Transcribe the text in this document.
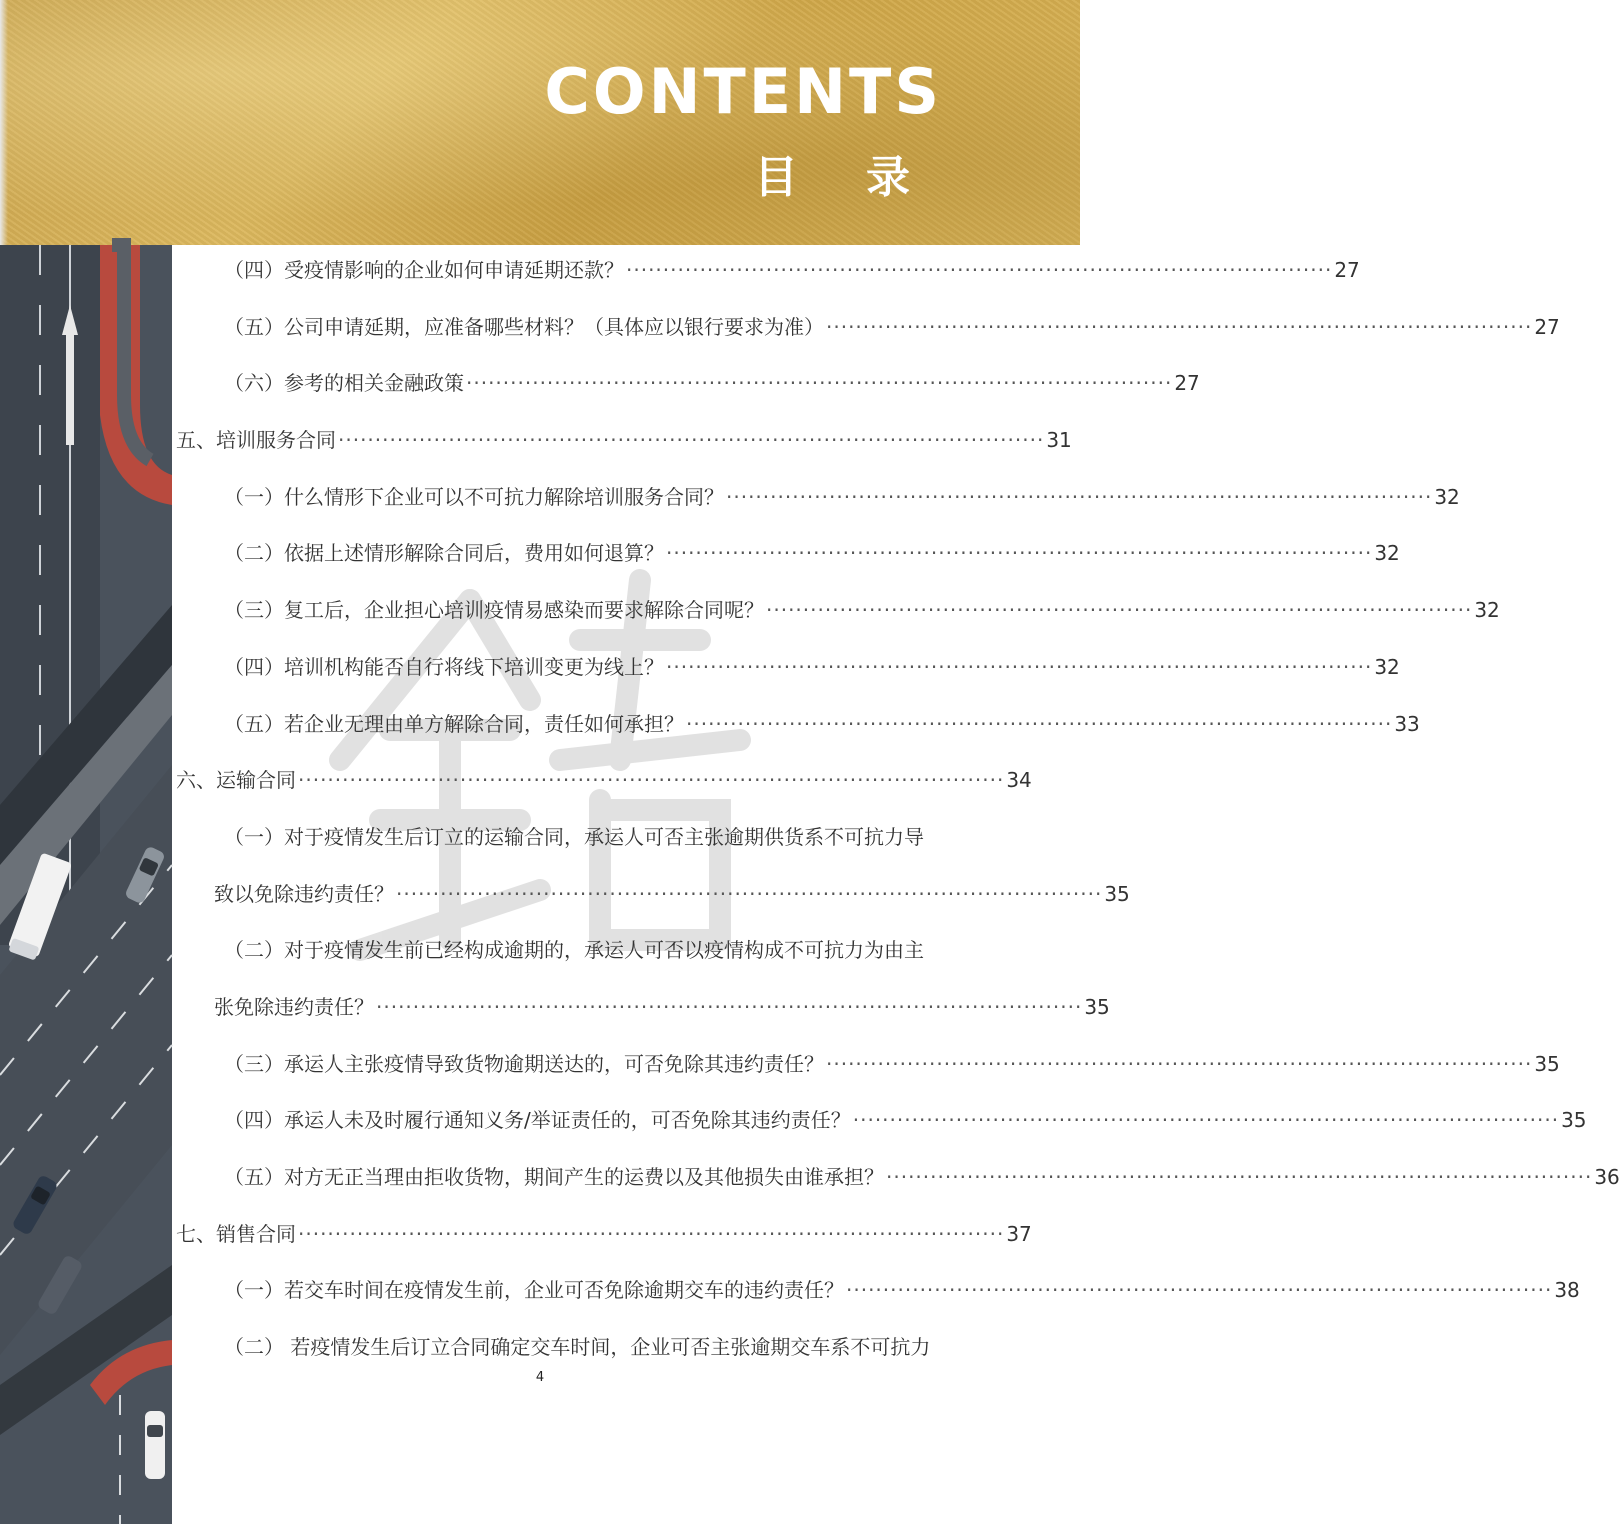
CONTENTS
目录
（四）受疫情影响的企业如何申请延期还款？ ································································································ 27
（五）公司申请延期，应准备哪些材料？（具体应以银行要求为准） ································································································ 27
（六）参考的相关金融政策 ································································································ 27
五、培训服务合同 ································································································ 31
（一）什么情形下企业可以不可抗力解除培训服务合同？ ································································································ 32
（二）依据上述情形解除合同后，费用如何退算？ ································································································ 32
（三）复工后，企业担心培训疫情易感染而要求解除合同呢？ ································································································ 32
（四）培训机构能否自行将线下培训变更为线上？ ································································································ 32
（五）若企业无理由单方解除合同，责任如何承担？ ································································································ 33
六、运输合同 ································································································ 34
（一）对于疫情发生后订立的运输合同，承运人可否主张逾期供货系不可抗力导
致以免除违约责任？ ································································································ 35
（二）对于疫情发生前已经构成逾期的，承运人可否以疫情构成不可抗力为由主
张免除违约责任？ ································································································ 35
（三）承运人主张疫情导致货物逾期送达的，可否免除其违约责任？ ································································································ 35
（四）承运人未及时履行通知义务/举证责任的，可否免除其违约责任？ ································································································ 35
（五）对方无正当理由拒收货物，期间产生的运费以及其他损失由谁承担？ ································································································ 36
七、销售合同 ································································································ 37
（一）若交车时间在疫情发生前，企业可否免除逾期交车的违约责任？ ································································································ 38
（二） 若疫情发生后订立合同确定交车时间，企业可否主张逾期交车系不可抗力
4
